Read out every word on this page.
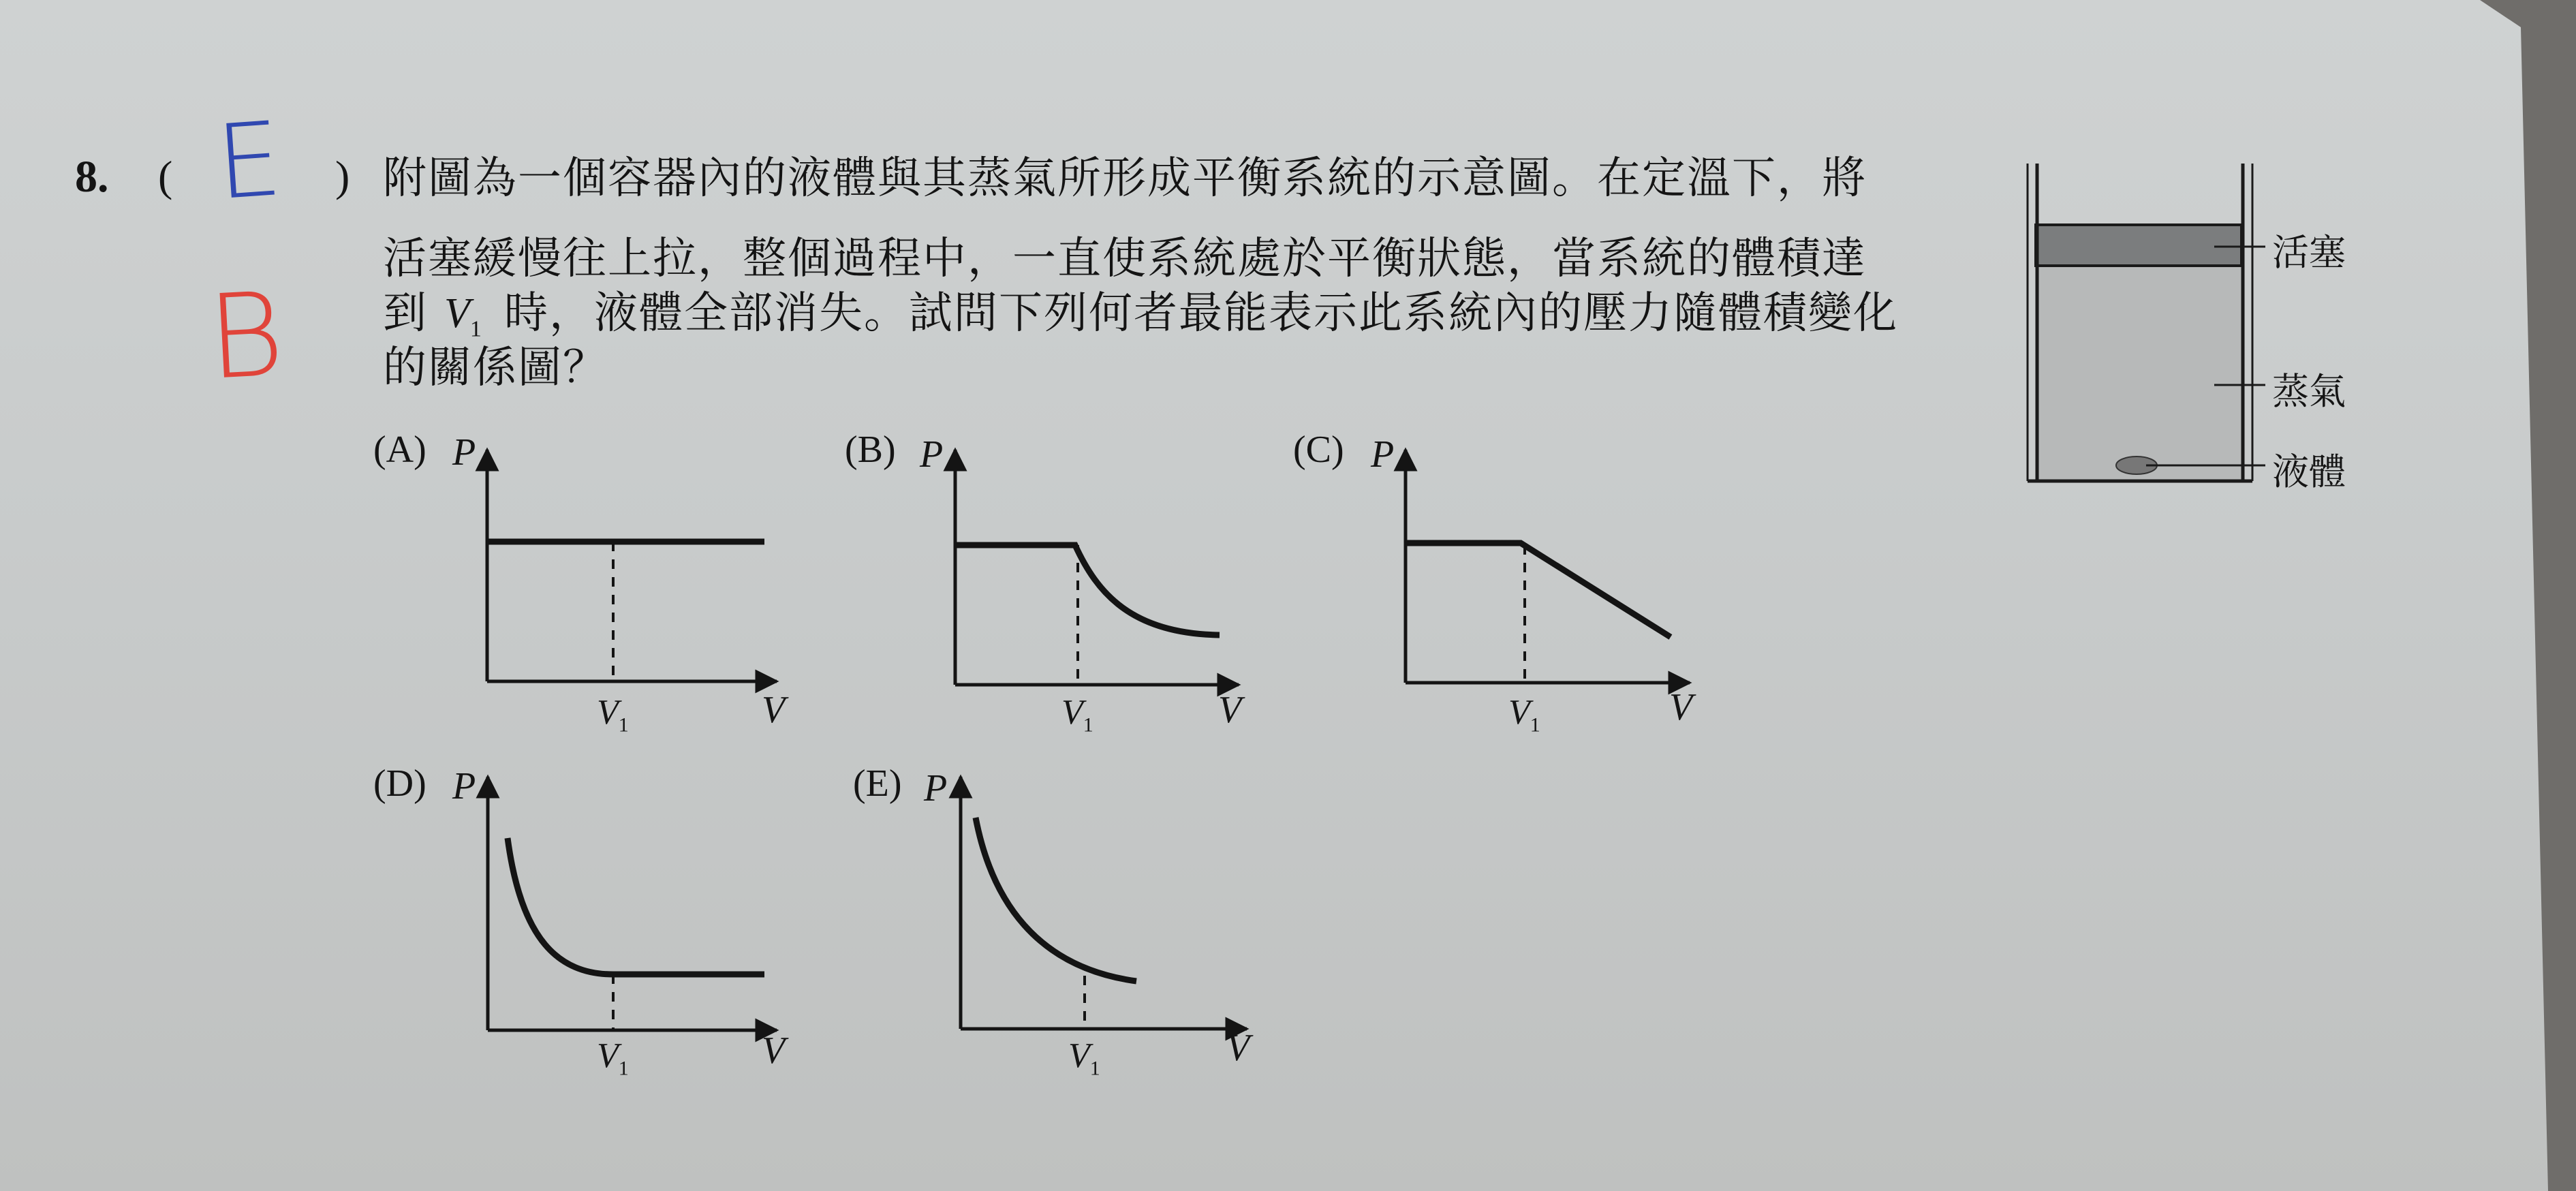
8. (	)
E
B
附圖為一個容器內的液體與其蒸氣所形成平衡系統的示意圖。在定溫下，將
活塞緩慢往上拉，整個過程中，一直使系統處於平衡狀態，當系統的體積達
到 $V_1$ 時，液體全部消失。試問下列何者最能表示此系統內的壓力隨體積變化
的關係圖？
活塞
蒸氣
液體
(A) P
V
$V_1$
(B) P
V
$V_1$
(C) P
V
$V_1$
(D) P
V
$V_1$
(E) P
V
$V_1$
